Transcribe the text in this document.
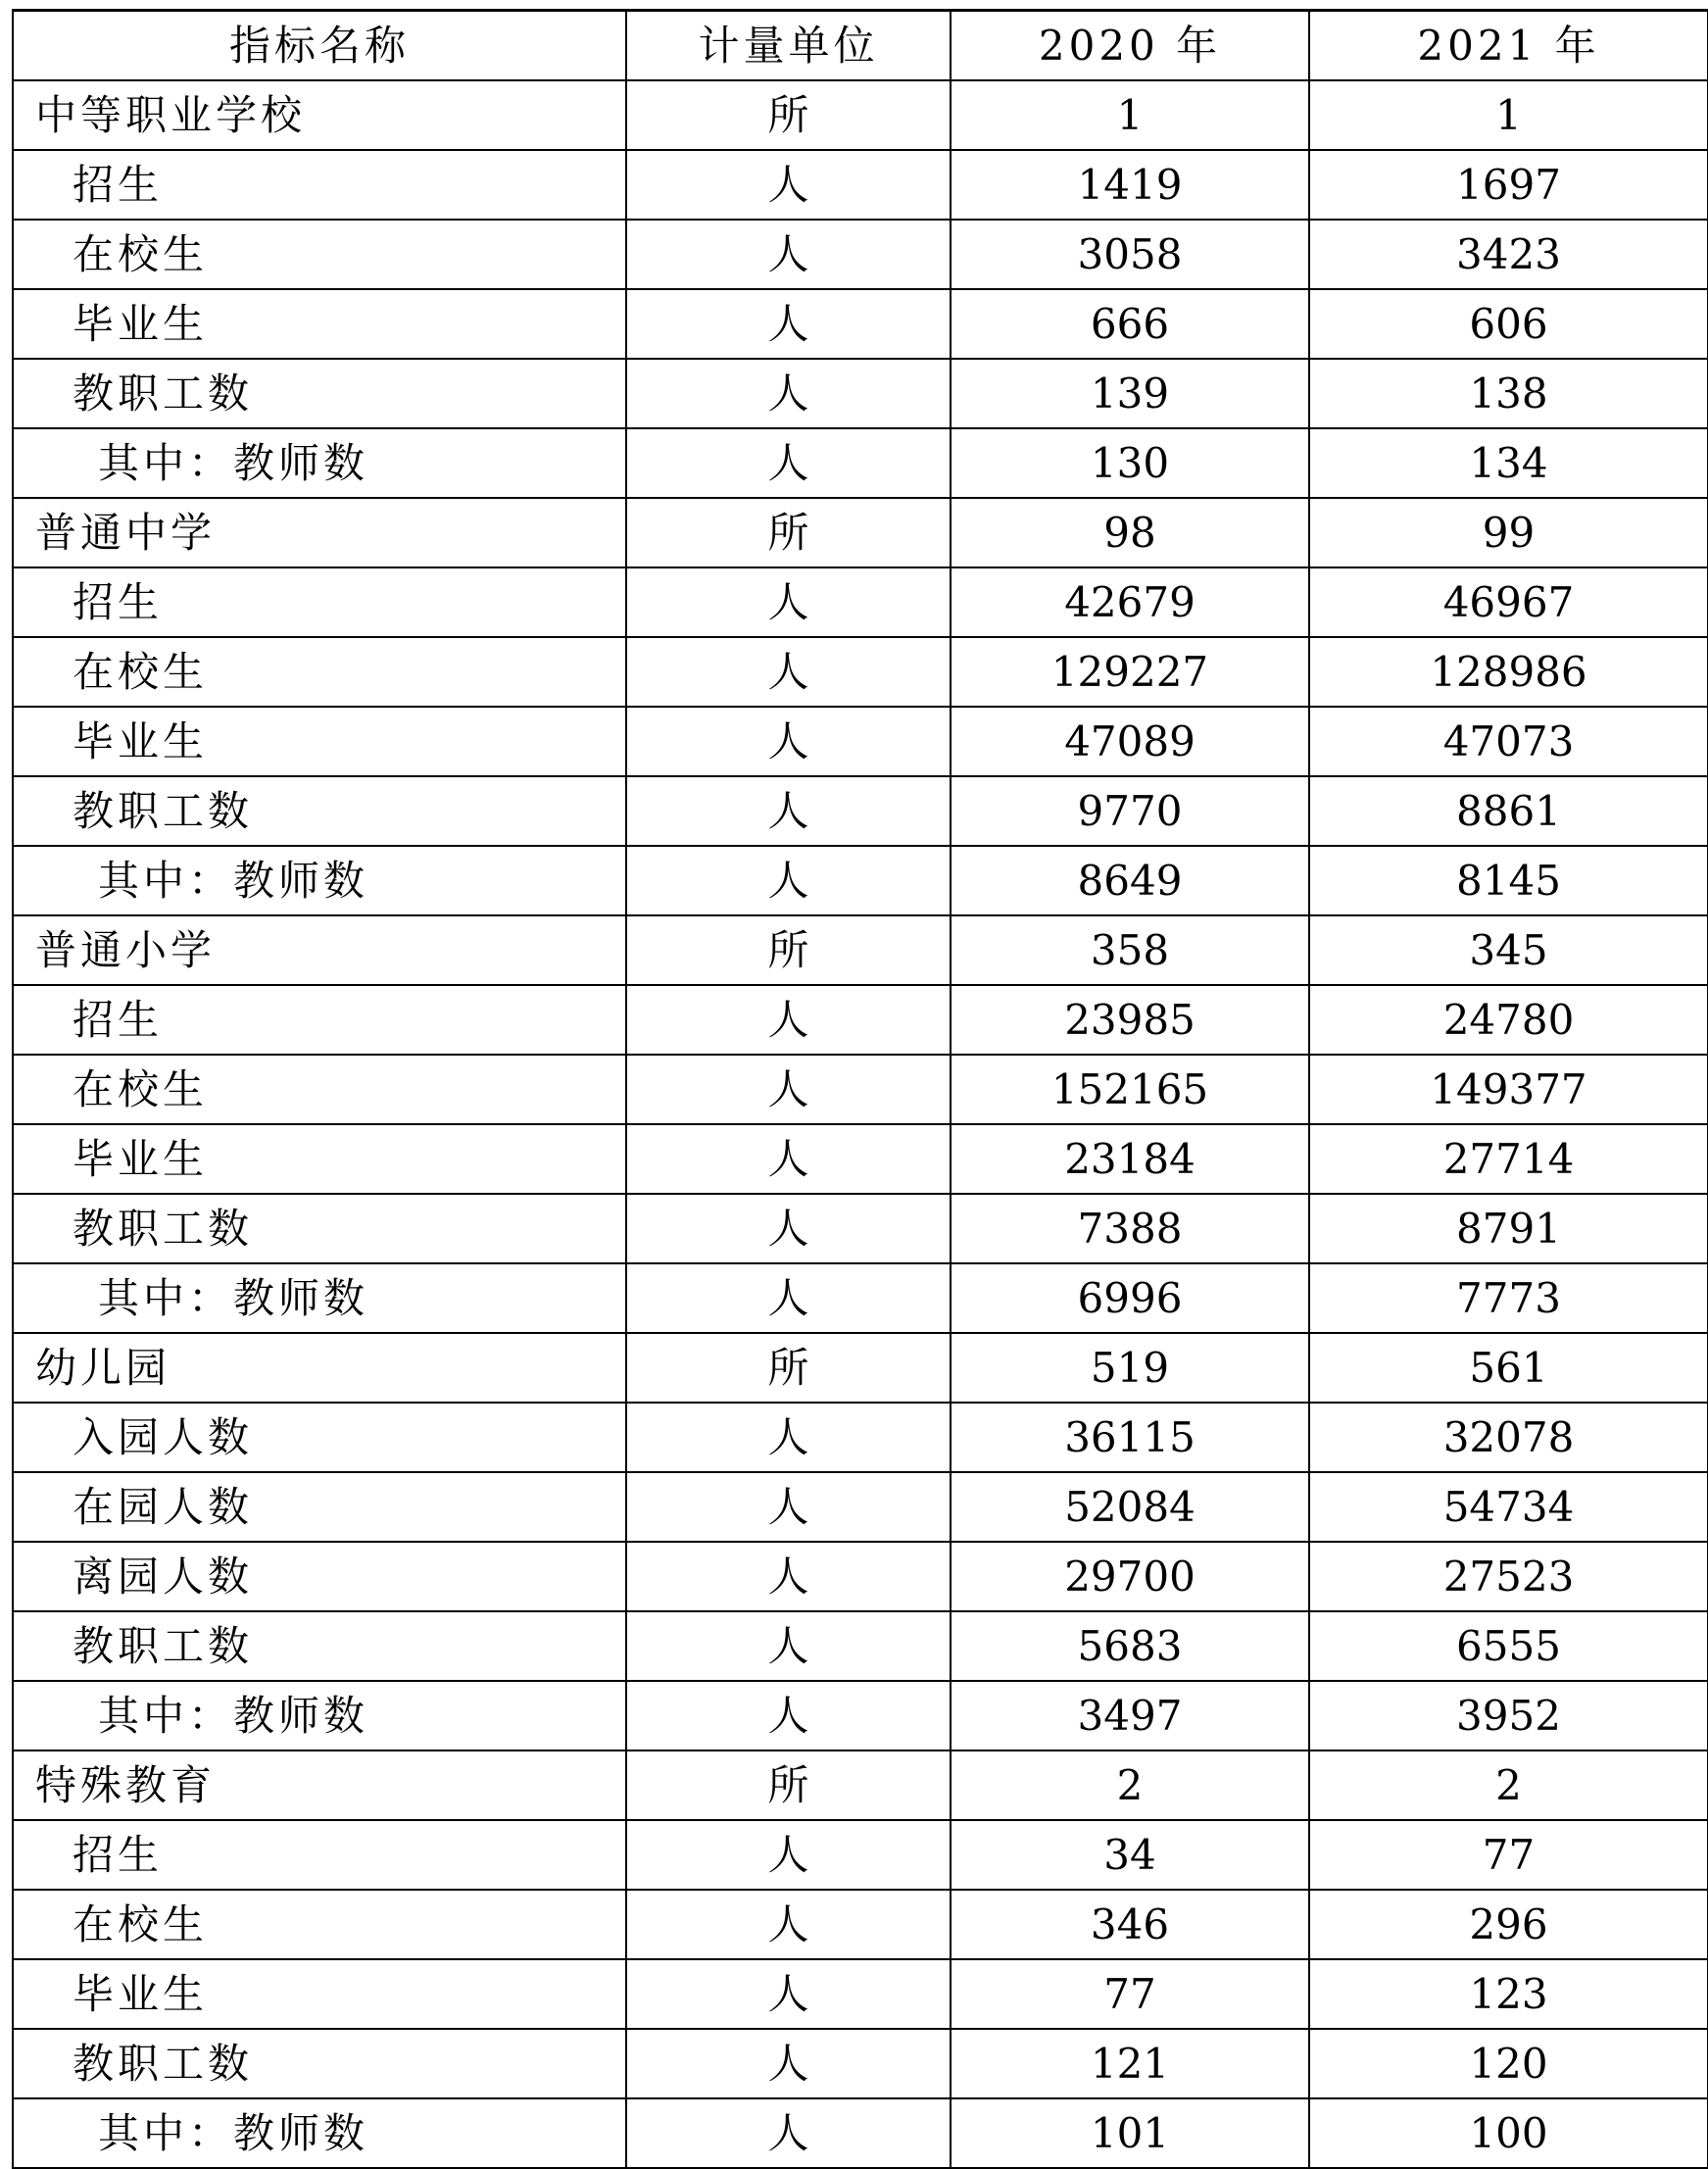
指标名称	计量单位	2020 年	2021 年
中等职业学校	所	1	1
招生	人	1419	1697
在校生	人	3058	3423
毕业生	人	666	606
教职工数	人	139	138
其中：教师数	人	130	134
普通中学	所	98	99
招生	人	42679	46967
在校生	人	129227	128986
毕业生	人	47089	47073
教职工数	人	9770	8861
其中：教师数	人	8649	8145
普通小学	所	358	345
招生	人	23985	24780
在校生	人	152165	149377
毕业生	人	23184	27714
教职工数	人	7388	8791
其中：教师数	人	6996	7773
幼儿园	所	519	561
入园人数	人	36115	32078
在园人数	人	52084	54734
离园人数	人	29700	27523
教职工数	人	5683	6555
其中：教师数	人	3497	3952
特殊教育	所	2	2
招生	人	34	77
在校生	人	346	296
毕业生	人	77	123
教职工数	人	121	120
其中：教师数	人	101	100
